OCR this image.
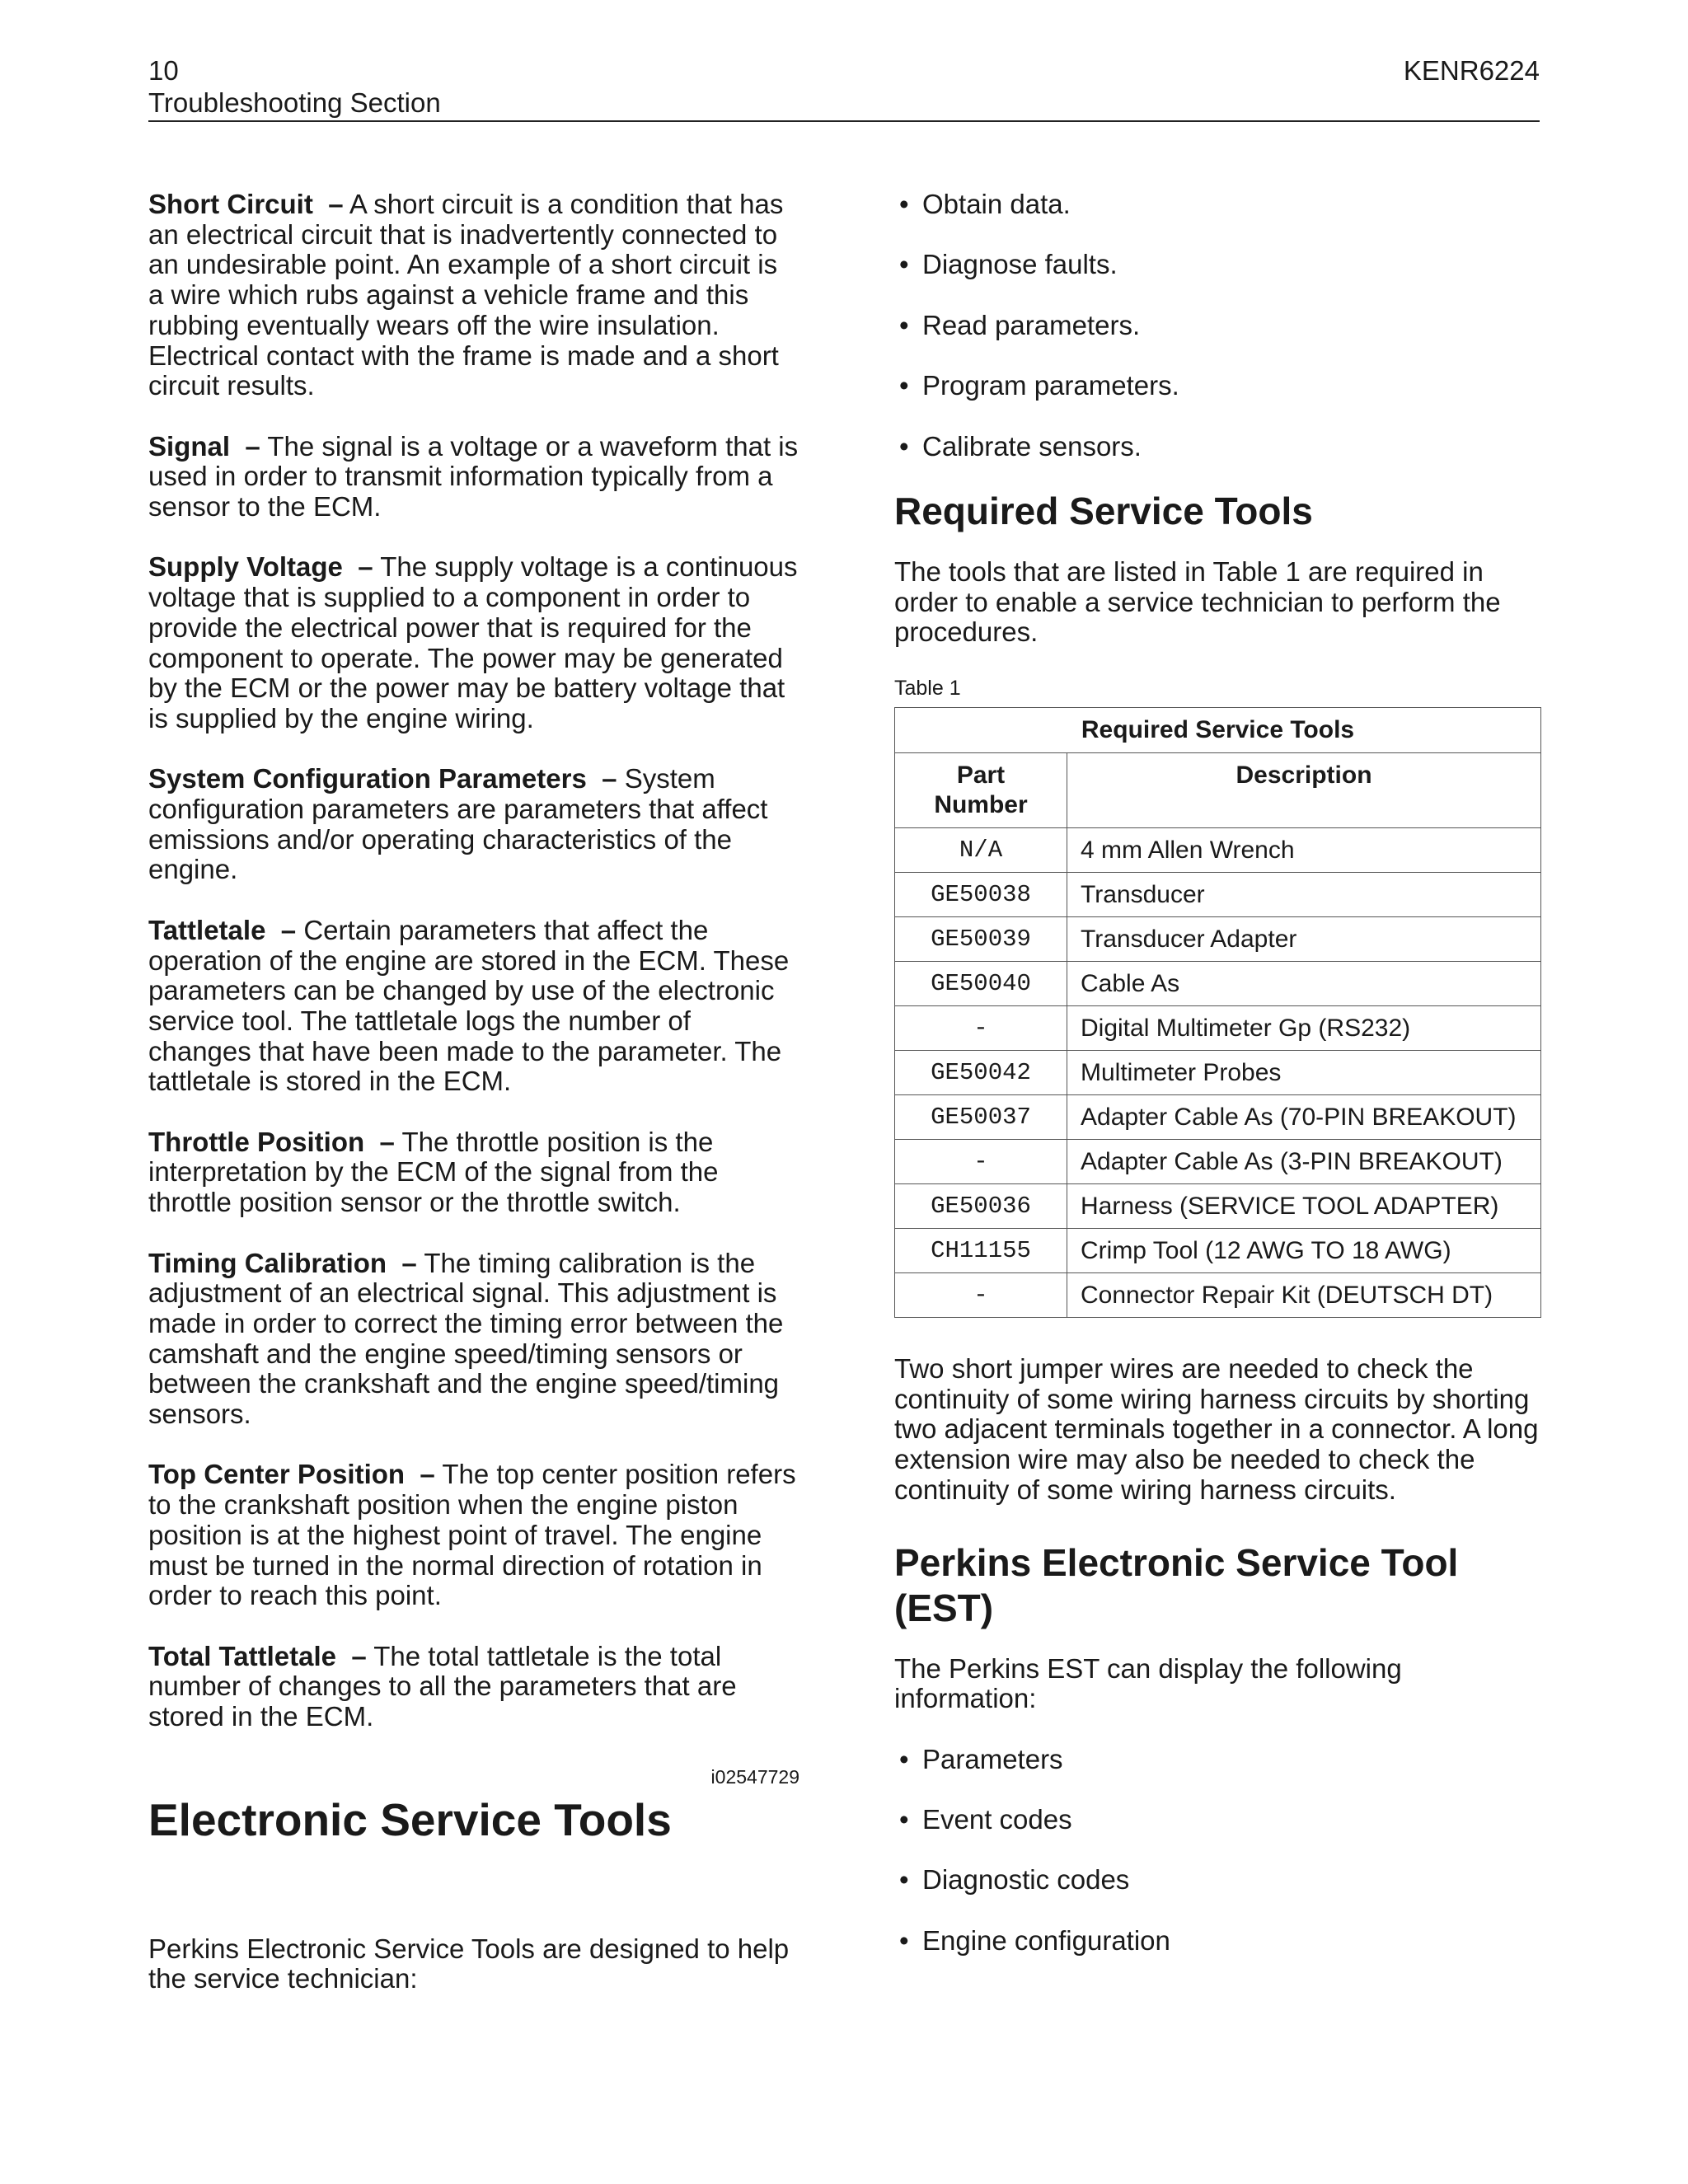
10	KENR6224
Troubleshooting Section

Short Circuit – A short circuit is a condition that has an electrical circuit that is inadvertently connected to an undesirable point. An example of a short circuit is a wire which rubs against a vehicle frame and this rubbing eventually wears off the wire insulation. Electrical contact with the frame is made and a short circuit results.

Signal – The signal is a voltage or a waveform that is used in order to transmit information typically from a sensor to the ECM.

Supply Voltage – The supply voltage is a continuous voltage that is supplied to a component in order to provide the electrical power that is required for the component to operate. The power may be generated by the ECM or the power may be battery voltage that is supplied by the engine wiring.

System Configuration Parameters – System configuration parameters are parameters that affect emissions and/or operating characteristics of the engine.

Tattletale – Certain parameters that affect the operation of the engine are stored in the ECM. These parameters can be changed by use of the electronic service tool. The tattletale logs the number of changes that have been made to the parameter. The tattletale is stored in the ECM.

Throttle Position – The throttle position is the interpretation by the ECM of the signal from the throttle position sensor or the throttle switch.

Timing Calibration – The timing calibration is the adjustment of an electrical signal. This adjustment is made in order to correct the timing error between the camshaft and the engine speed/timing sensors or between the crankshaft and the engine speed/timing sensors.

Top Center Position – The top center position refers to the crankshaft position when the engine piston position is at the highest point of travel. The engine must be turned in the normal direction of rotation in order to reach this point.

Total Tattletale – The total tattletale is the total number of changes to all the parameters that are stored in the ECM.

i02547729
Electronic Service Tools

Perkins Electronic Service Tools are designed to help the service technician:

• Obtain data.
• Diagnose faults.
• Read parameters.
• Program parameters.
• Calibrate sensors.
Required Service Tools

The tools that are listed in Table 1 are required in order to enable a service technician to perform the procedures.

Table 1
Required Service Tools	

Part
Number	Description
N/A	4 mm Allen Wrench
GE50038	Transducer
GE50039	Transducer Adapter
GE50040	Cable As
-	Digital Multimeter Gp (RS232)
GE50042	Multimeter Probes
GE50037	Adapter Cable As (70-PIN BREAKOUT)
-	Adapter Cable As (3-PIN BREAKOUT)
GE50036	Harness (SERVICE TOOL ADAPTER)
CH11155	Crimp Tool (12 AWG TO 18 AWG)
-	Connector Repair Kit (DEUTSCH DT)

Two short jumper wires are needed to check the continuity of some wiring harness circuits by shorting two adjacent terminals together in a connector. A long extension wire may also be needed to check the continuity of some wiring harness circuits.

Perkins Electronic Service Tool
(EST)

The Perkins EST can display the following information:

• Parameters
• Event codes
• Diagnostic codes
• Engine configuration
